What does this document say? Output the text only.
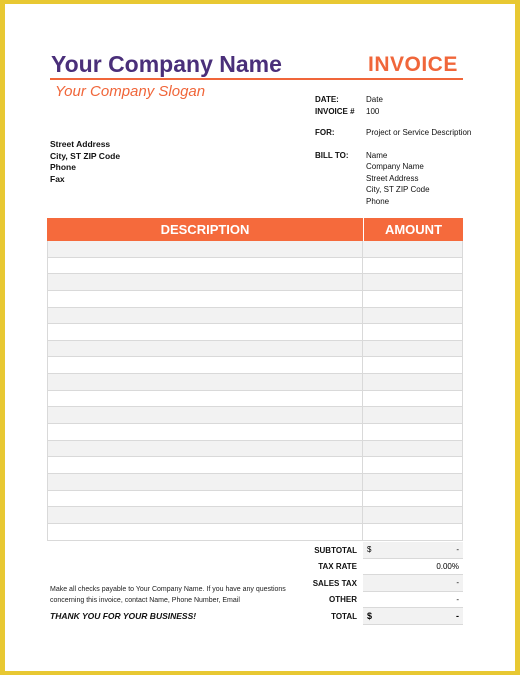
Your Company Name	INVOICE
Your Company Slogan
Street Address
City, ST ZIP Code
Phone
Fax
DATE:	Date
INVOICE #	100
FOR:	Project or Service Description
BILL TO:	Name
Company Name
Street Address
City, ST ZIP Code
Phone
DESCRIPTION	AMOUNT
SUBTOTAL	$	-
TAX RATE	0.00%
SALES TAX	-
OTHER	-
TOTAL	$	-
Make all checks payable to Your Company Name. If you have any questions concerning this invoice, contact Name, Phone Number, Email
THANK YOU FOR YOUR BUSINESS!
